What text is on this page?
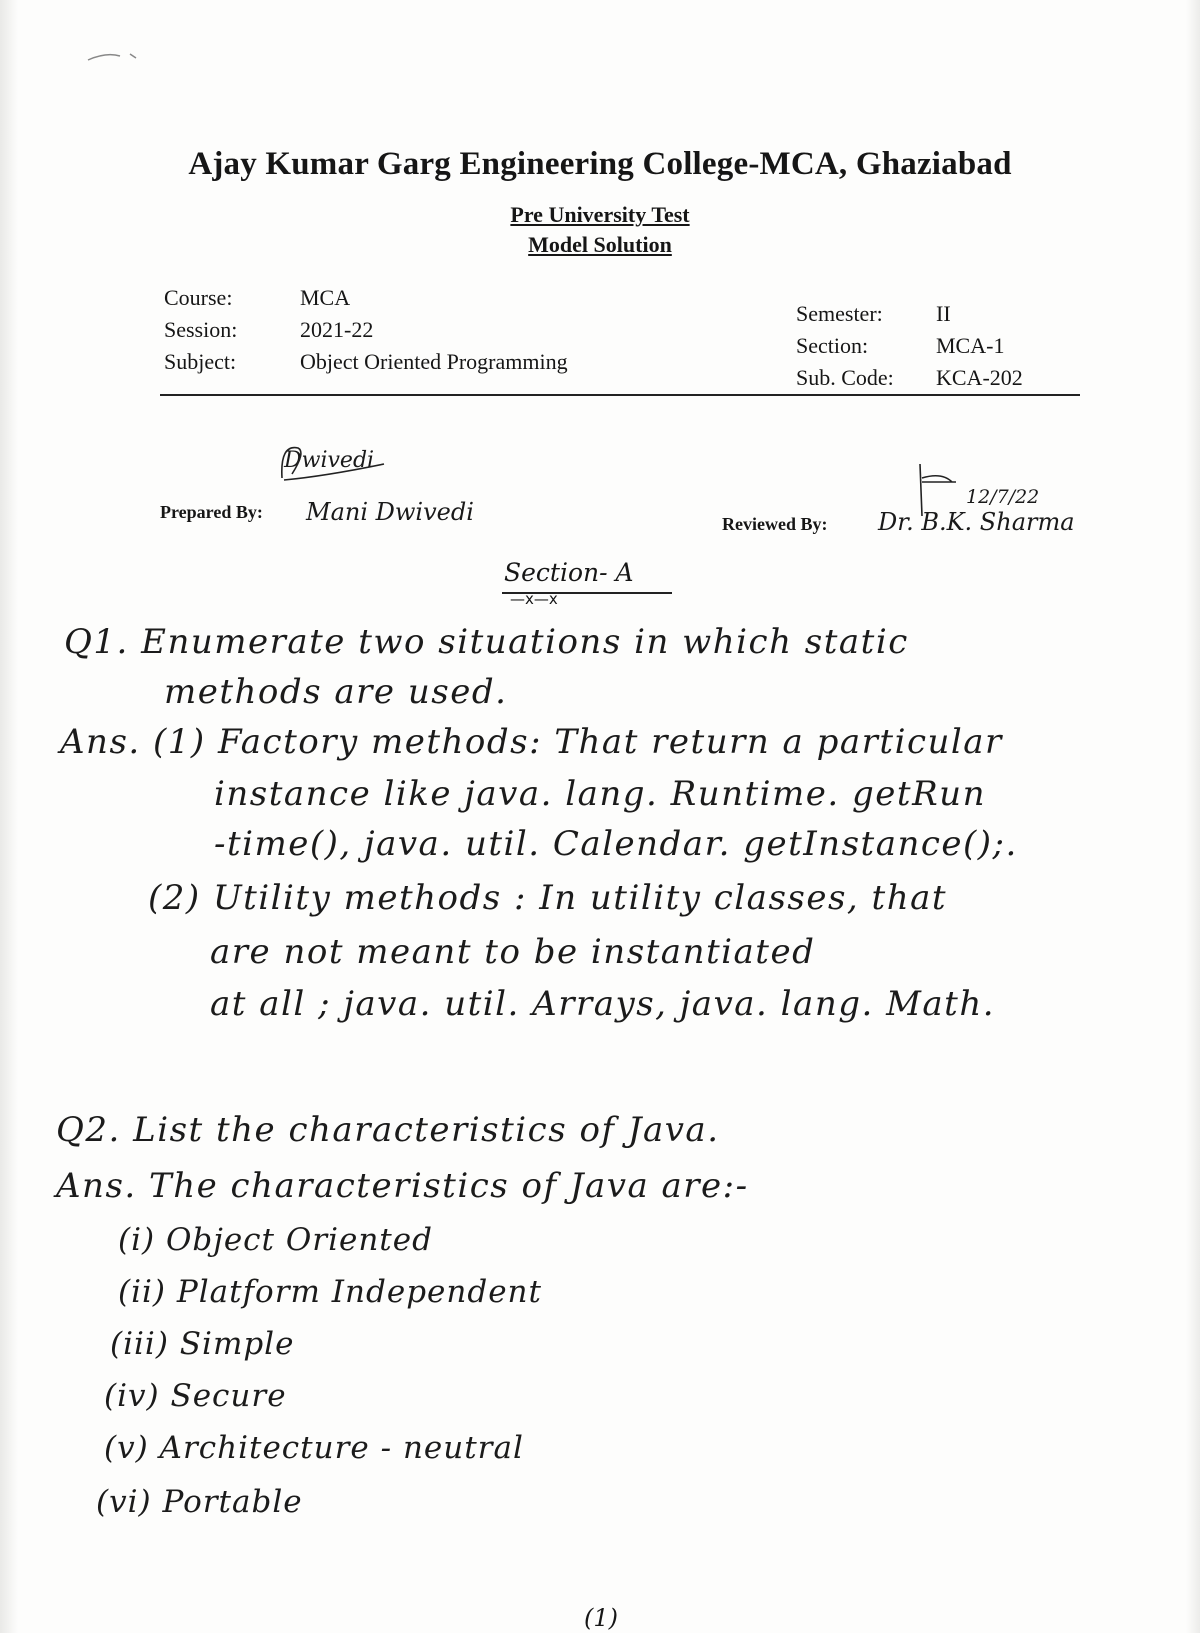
Ajay Kumar Garg Engineering College-MCA, Ghaziabad
Pre University Test
Model Solution
Course:	MCA
Session:	2021-22
Subject:	Object Oriented Programming
Semester:	II
Section:	MCA-1
Sub. Code:	KCA-202
Dwivedi
Prepared By: Mani Dwivedi
12/7/22
Reviewed By: Dr. B.K. Sharma
Section- A
—x—x
Q1. Enumerate two situations in which static
methods are used.
Ans. (1) Factory methods: That return a particular
instance like java. lang. Runtime. getRun
-time(), java. util. Calendar. getInstance();.
(2) Utility methods : In utility classes, that
are not meant to be instantiated
at all ; java. util. Arrays, java. lang. Math.
Q2. List the characteristics of Java.
Ans. The characteristics of Java are:-
(i) Object Oriented
(ii) Platform Independent
(iii) Simple
(iv) Secure
(v) Architecture - neutral
(vi) Portable
(1)
